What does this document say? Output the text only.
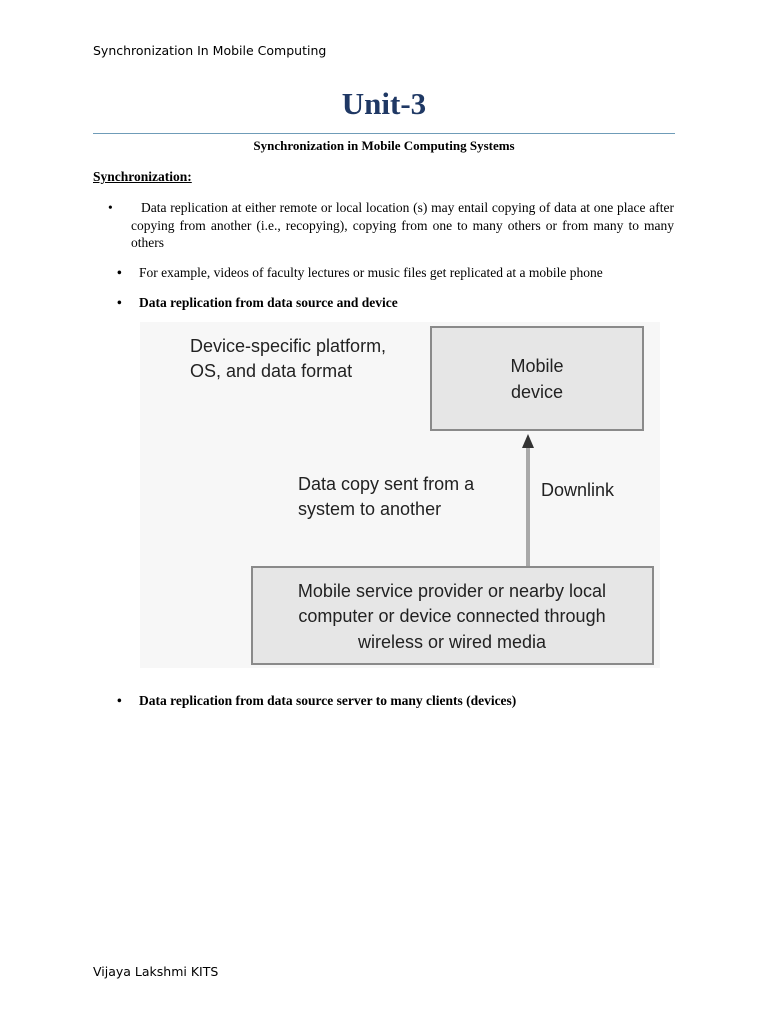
Synchronization In Mobile Computing
Unit-3
Synchronization in Mobile Computing Systems
Synchronization:
•	Data replication at either remote or local location (s) may entail copying of data at one place after copying from another (i.e., recopying), copying from one to many others or from many to many others
• For example, videos of faculty lectures or music files get replicated at a mobile phone
• Data replication from data source and device
Mobile
device
Device-specific platform,
OS, and data format
Data copy sent from a
system to another
Downlink
Mobile service provider or nearby local
computer or device connected through
wireless or wired media
• Data replication from data source server to many clients (devices)
Vijaya Lakshmi KITS
